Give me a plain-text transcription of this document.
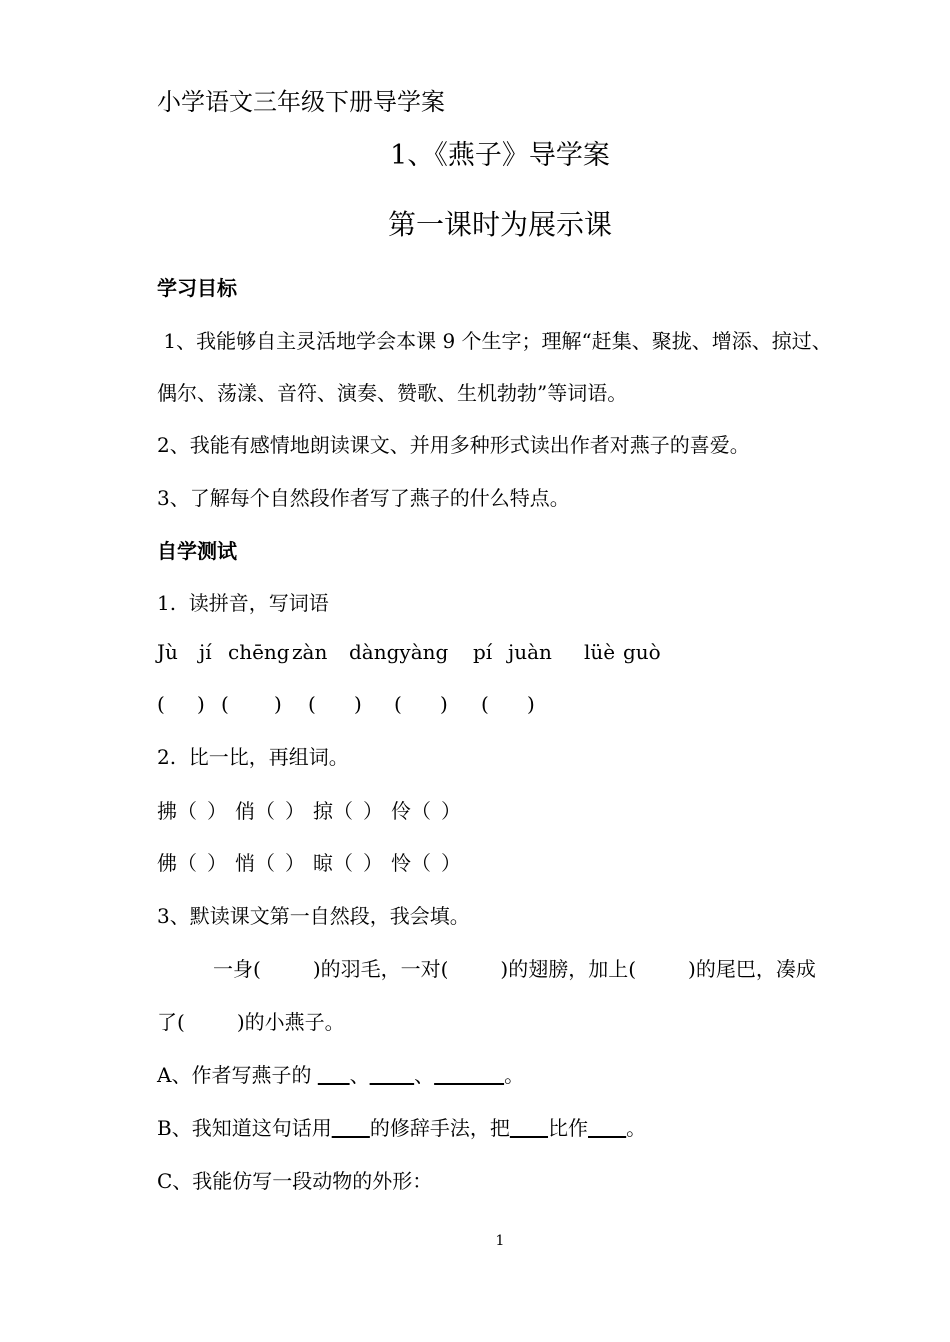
小学语文三年级下册导学案
1、《燕子》导学案
第一课时为展示课
学习目标
1、我能够自主灵活地学会本课 9 个生字；理解“赶集、聚拢、增添、掠过、
偶尔、荡漾、音符、演奏、赞歌、生机勃勃”等词语。
2、我能有感情地朗读课文、并用多种形式读出作者对燕子的喜爱。
3、了解每个自然段作者写了燕子的什么特点。
自学测试
1.  读拼音，写词语
Jù jí chēng zàn dàngyàng pí juàn lüè guò
( ) ( ) ( ) ( ) ( )
2.  比一比，再组词。
拂（ ） 俏（ ） 掠（ ） 伶（ ）
佛（ ） 悄（ ） 晾（ ） 怜（ ）
3、默读课文第一自然段，我会填。
一身(	)的羽毛，一对(	)的翅膀，加上(	)的尾巴，凑成
了(	)的小燕子。
A、作者写燕子的      、 、	。
B、我知道这句话用 的修辞手法，把 比作 。
C、我能仿写一段动物的外形：
1
